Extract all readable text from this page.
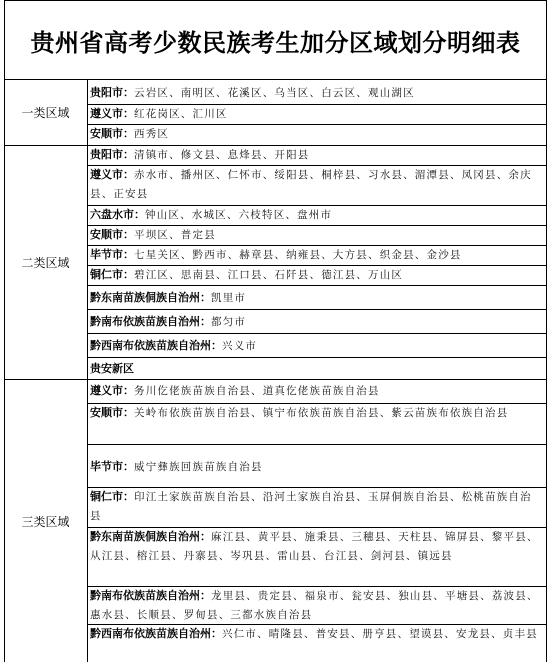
贵州省高考少数民族考生加分区域划分明细表
一类区域
贵阳市：云岩区、南明区、花溪区、乌当区、白云区、观山湖区
遵义市：红花岗区、汇川区
安顺市：西秀区
二类区域
贵阳市：清镇市、修文县、息烽县、开阳县
遵义市：赤水市、播州区、仁怀市、绥阳县、桐梓县、习水县、湄潭县、凤冈县、余庆县、正安县
六盘水市：钟山区、水城区、六枝特区、盘州市
安顺市：平坝区、普定县
毕节市：七星关区、黔西市、赫章县、纳雍县、大方县、织金县、金沙县
铜仁市：碧江区、思南县、江口县、石阡县、德江县、万山区
黔东南苗族侗族自治州：凯里市
黔南布依族苗族自治州：都匀市
黔西南布依族苗族自治州：兴义市
贵安新区
三类区域
遵义市：务川仡佬族苗族自治县、道真仡佬族苗族自治县
安顺市：关岭布依族苗族自治县、镇宁布依族苗族自治县、紫云苗族布依族自治县
毕节市：威宁彝族回族苗族自治县
铜仁市：印江土家族苗族自治县、沿河土家族自治县、玉屏侗族自治县、松桃苗族自治县
黔东南苗族侗族自治州：麻江县、黄平县、施秉县、三穗县、天柱县、锦屏县、黎平县、从江县、榕江县、丹寨县、岑巩县、雷山县、台江县、剑河县、镇远县
黔南布依族苗族自治州：龙里县、贵定县、福泉市、瓮安县、独山县、平塘县、荔波县、惠水县、长顺县、罗甸县、三都水族自治县
黔西南布依族苗族自治州：兴仁市、晴隆县、普安县、册亨县、望谟县、安龙县、贞丰县
